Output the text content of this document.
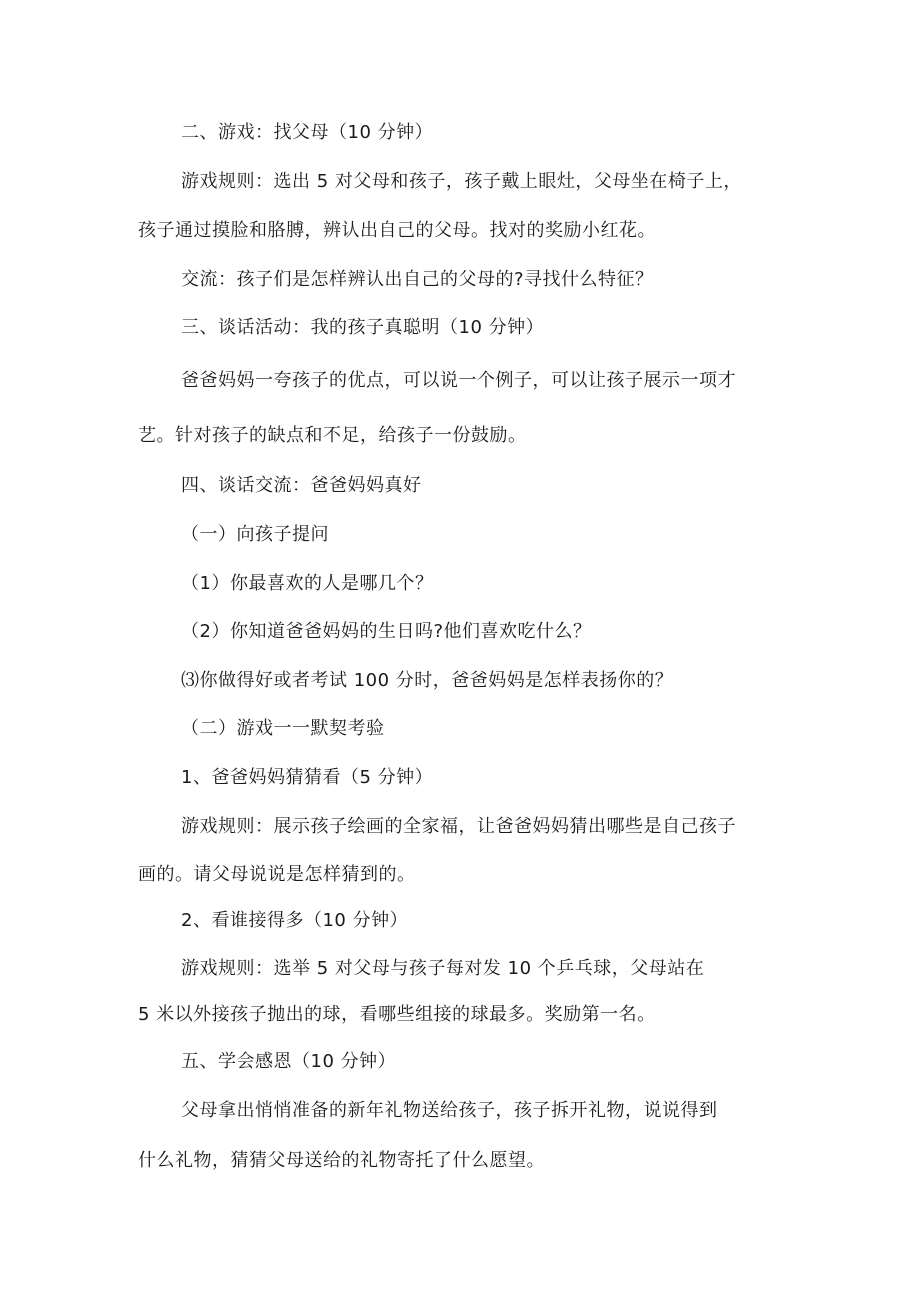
二、游戏：找父母（10 分钟）
游戏规则：选出 5 对父母和孩子，孩子戴上眼灶，父母坐在椅子上，
孩子通过摸脸和胳膊，辨认出自己的父母。找对的奖励小红花。
交流：孩子们是怎样辨认出自己的父母的?寻找什么特征？
三、谈话活动：我的孩子真聪明（10 分钟）
爸爸妈妈一夸孩子的优点，可以说一个例子，可以让孩子展示一项才
艺。针对孩子的缺点和不足，给孩子一份鼓励。
四、谈话交流：爸爸妈妈真好
（一）向孩子提问
（1）你最喜欢的人是哪几个？
（2）你知道爸爸妈妈的生日吗?他们喜欢吃什么？
⑶你做得好或者考试 100 分时，爸爸妈妈是怎样表扬你的？
（二）游戏一一默契考验
1、爸爸妈妈猜猜看（5 分钟）
游戏规则：展示孩子绘画的全家福，让爸爸妈妈猜出哪些是自己孩子
画的。请父母说说是怎样猜到的。
2、看谁接得多（10 分钟）
游戏规则：选举 5 对父母与孩子每对发 10 个乒乓球，父母站在
5 米以外接孩子抛出的球，看哪些组接的球最多。奖励第一名。
五、学会感恩（10 分钟）
父母拿出悄悄准备的新年礼物送给孩子，孩子拆开礼物，说说得到
什么礼物，猜猜父母送给的礼物寄托了什么愿望。
